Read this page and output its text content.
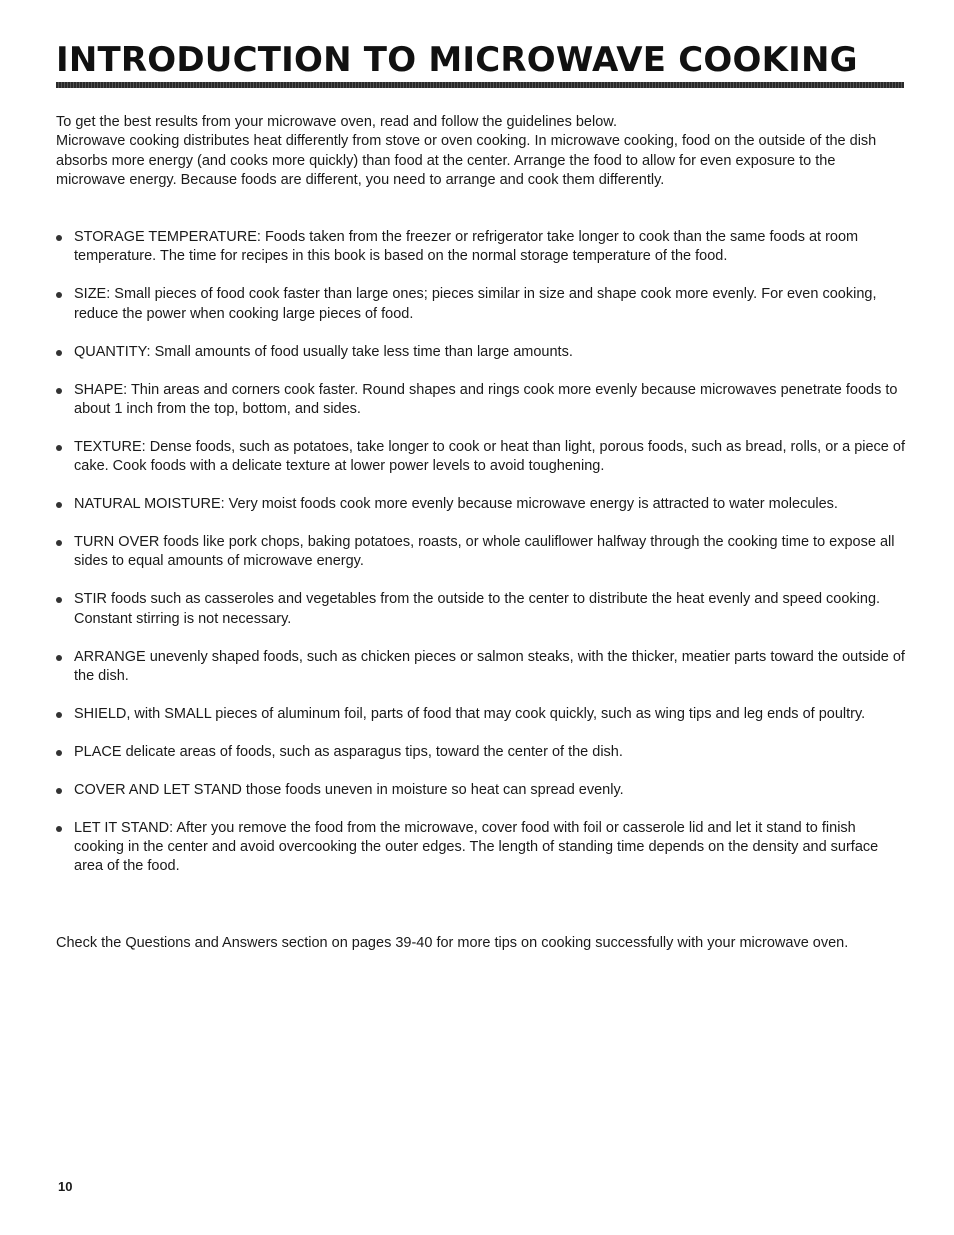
INTRODUCTION TO MICROWAVE COOKING

To get the best results from your microwave oven, read and follow the guidelines below.

Microwave cooking distributes heat differently from stove or oven cooking. In microwave cooking, food on the outside of the dish absorbs more energy (and cooks more quickly) than food at the center. Arrange the food to allow for even exposure to the microwave energy. Because foods are different, you need to arrange and cook them differently.

STORAGE TEMPERATURE: Foods taken from the freezer or refrigerator take longer to cook than the same foods at room temperature. The time for recipes in this book is based on the normal storage temperature of the food.
SIZE: Small pieces of food cook faster than large ones; pieces similar in size and shape cook more evenly. For even cooking, reduce the power when cooking large pieces of food.
QUANTITY: Small amounts of food usually take less time than large amounts.
SHAPE: Thin areas and corners cook faster. Round shapes and rings cook more evenly because microwaves penetrate foods to about 1 inch from the top, bottom, and sides.
TEXTURE: Dense foods, such as potatoes, take longer to cook or heat than light, porous foods, such as bread, rolls, or a piece of cake. Cook foods with a delicate texture at lower power levels to avoid toughening.
NATURAL MOISTURE: Very moist foods cook more evenly because microwave energy is attracted to water molecules.
TURN OVER foods like pork chops, baking potatoes, roasts, or whole cauliflower halfway through the cooking time to expose all sides to equal amounts of microwave energy.
STIR foods such as casseroles and vegetables from the outside to the center to distribute the heat evenly and speed cooking. Constant stirring is not necessary.
ARRANGE unevenly shaped foods, such as chicken pieces or salmon steaks, with the thicker, meatier parts toward the outside of the dish.
SHIELD, with SMALL pieces of aluminum foil, parts of food that may cook quickly, such as wing tips and leg ends of poultry.
PLACE delicate areas of foods, such as asparagus tips, toward the center of the dish.
COVER AND LET STAND those foods uneven in moisture so heat can spread evenly.
LET IT STAND: After you remove the food from the microwave, cover food with foil or casserole lid and let it stand to finish cooking in the center and avoid overcooking the outer edges. The length of standing time depends on the density and surface area of the food.

Check the Questions and Answers section on pages 39-40 for more tips on cooking successfully with your microwave oven.

10
